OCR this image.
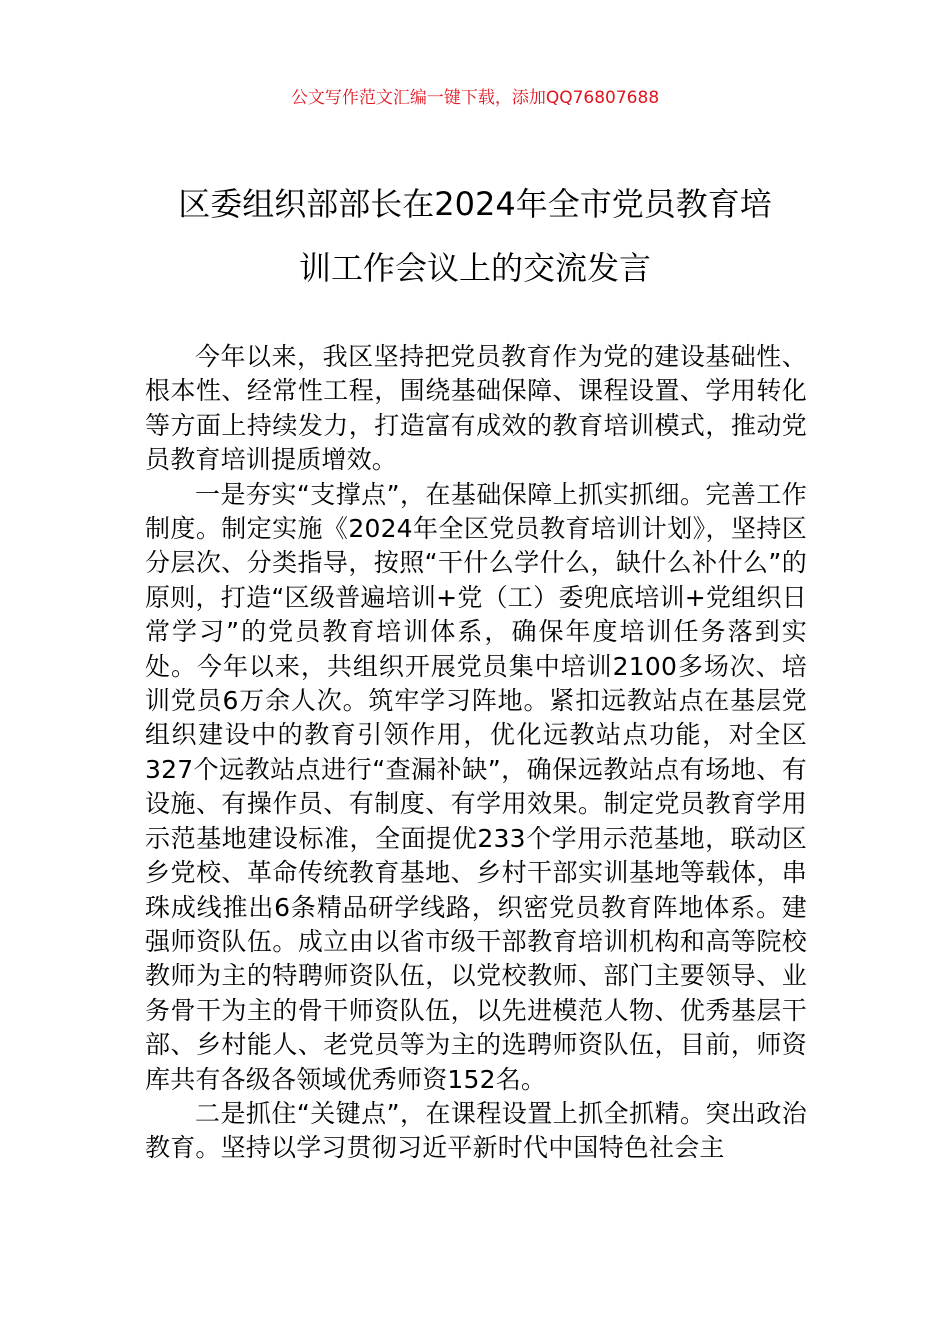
公文写作范文汇编一键下载，添加QQ76807688
区委组织部部长在2024年全市党员教育培
训工作会议上的交流发言

今年以来，我区坚持把党员教育作为党的建设基础性、根本性、经常性工程，围绕基础保障、课程设置、学用转化等方面上持续发力，打造富有成效的教育培训模式，推动党员教育培训提质增效。

一是夯实“支撑点”，在基础保障上抓实抓细。完善工作制度。制定实施《2024年全区党员教育培训计划》，坚持区分层次、分类指导，按照“干什么学什么，缺什么补什么”的原则，打造“区级普遍培训+党（工）委兜底培训+党组织日常学习”的党员教育培训体系，确保年度培训任务落到实处。今年以来，共组织开展党员集中培训2100多场次、培训党员6万余人次。筑牢学习阵地。紧扣远教站点在基层党组织建设中的教育引领作用，优化远教站点功能，对全区327个远教站点进行“查漏补缺”，确保远教站点有场地、有设施、有操作员、有制度、有学用效果。制定党员教育学用示范基地建设标准，全面提优233个学用示范基地，联动区乡党校、革命传统教育基地、乡村干部实训基地等载体，串珠成线推出6条精品研学线路，织密党员教育阵地体系。建强师资队伍。成立由以省市级干部教育培训机构和高等院校教师为主的特聘师资队伍，以党校教师、部门主要领导、业务骨干为主的骨干师资队伍，以先进模范人物、优秀基层干部、乡村能人、老党员等为主的选聘师资队伍，目前，师资库共有各级各领域优秀师资152名。

二是抓住“关键点”，在课程设置上抓全抓精。突出政治教育。坚持以学习贯彻习近平新时代中国特色社会主
